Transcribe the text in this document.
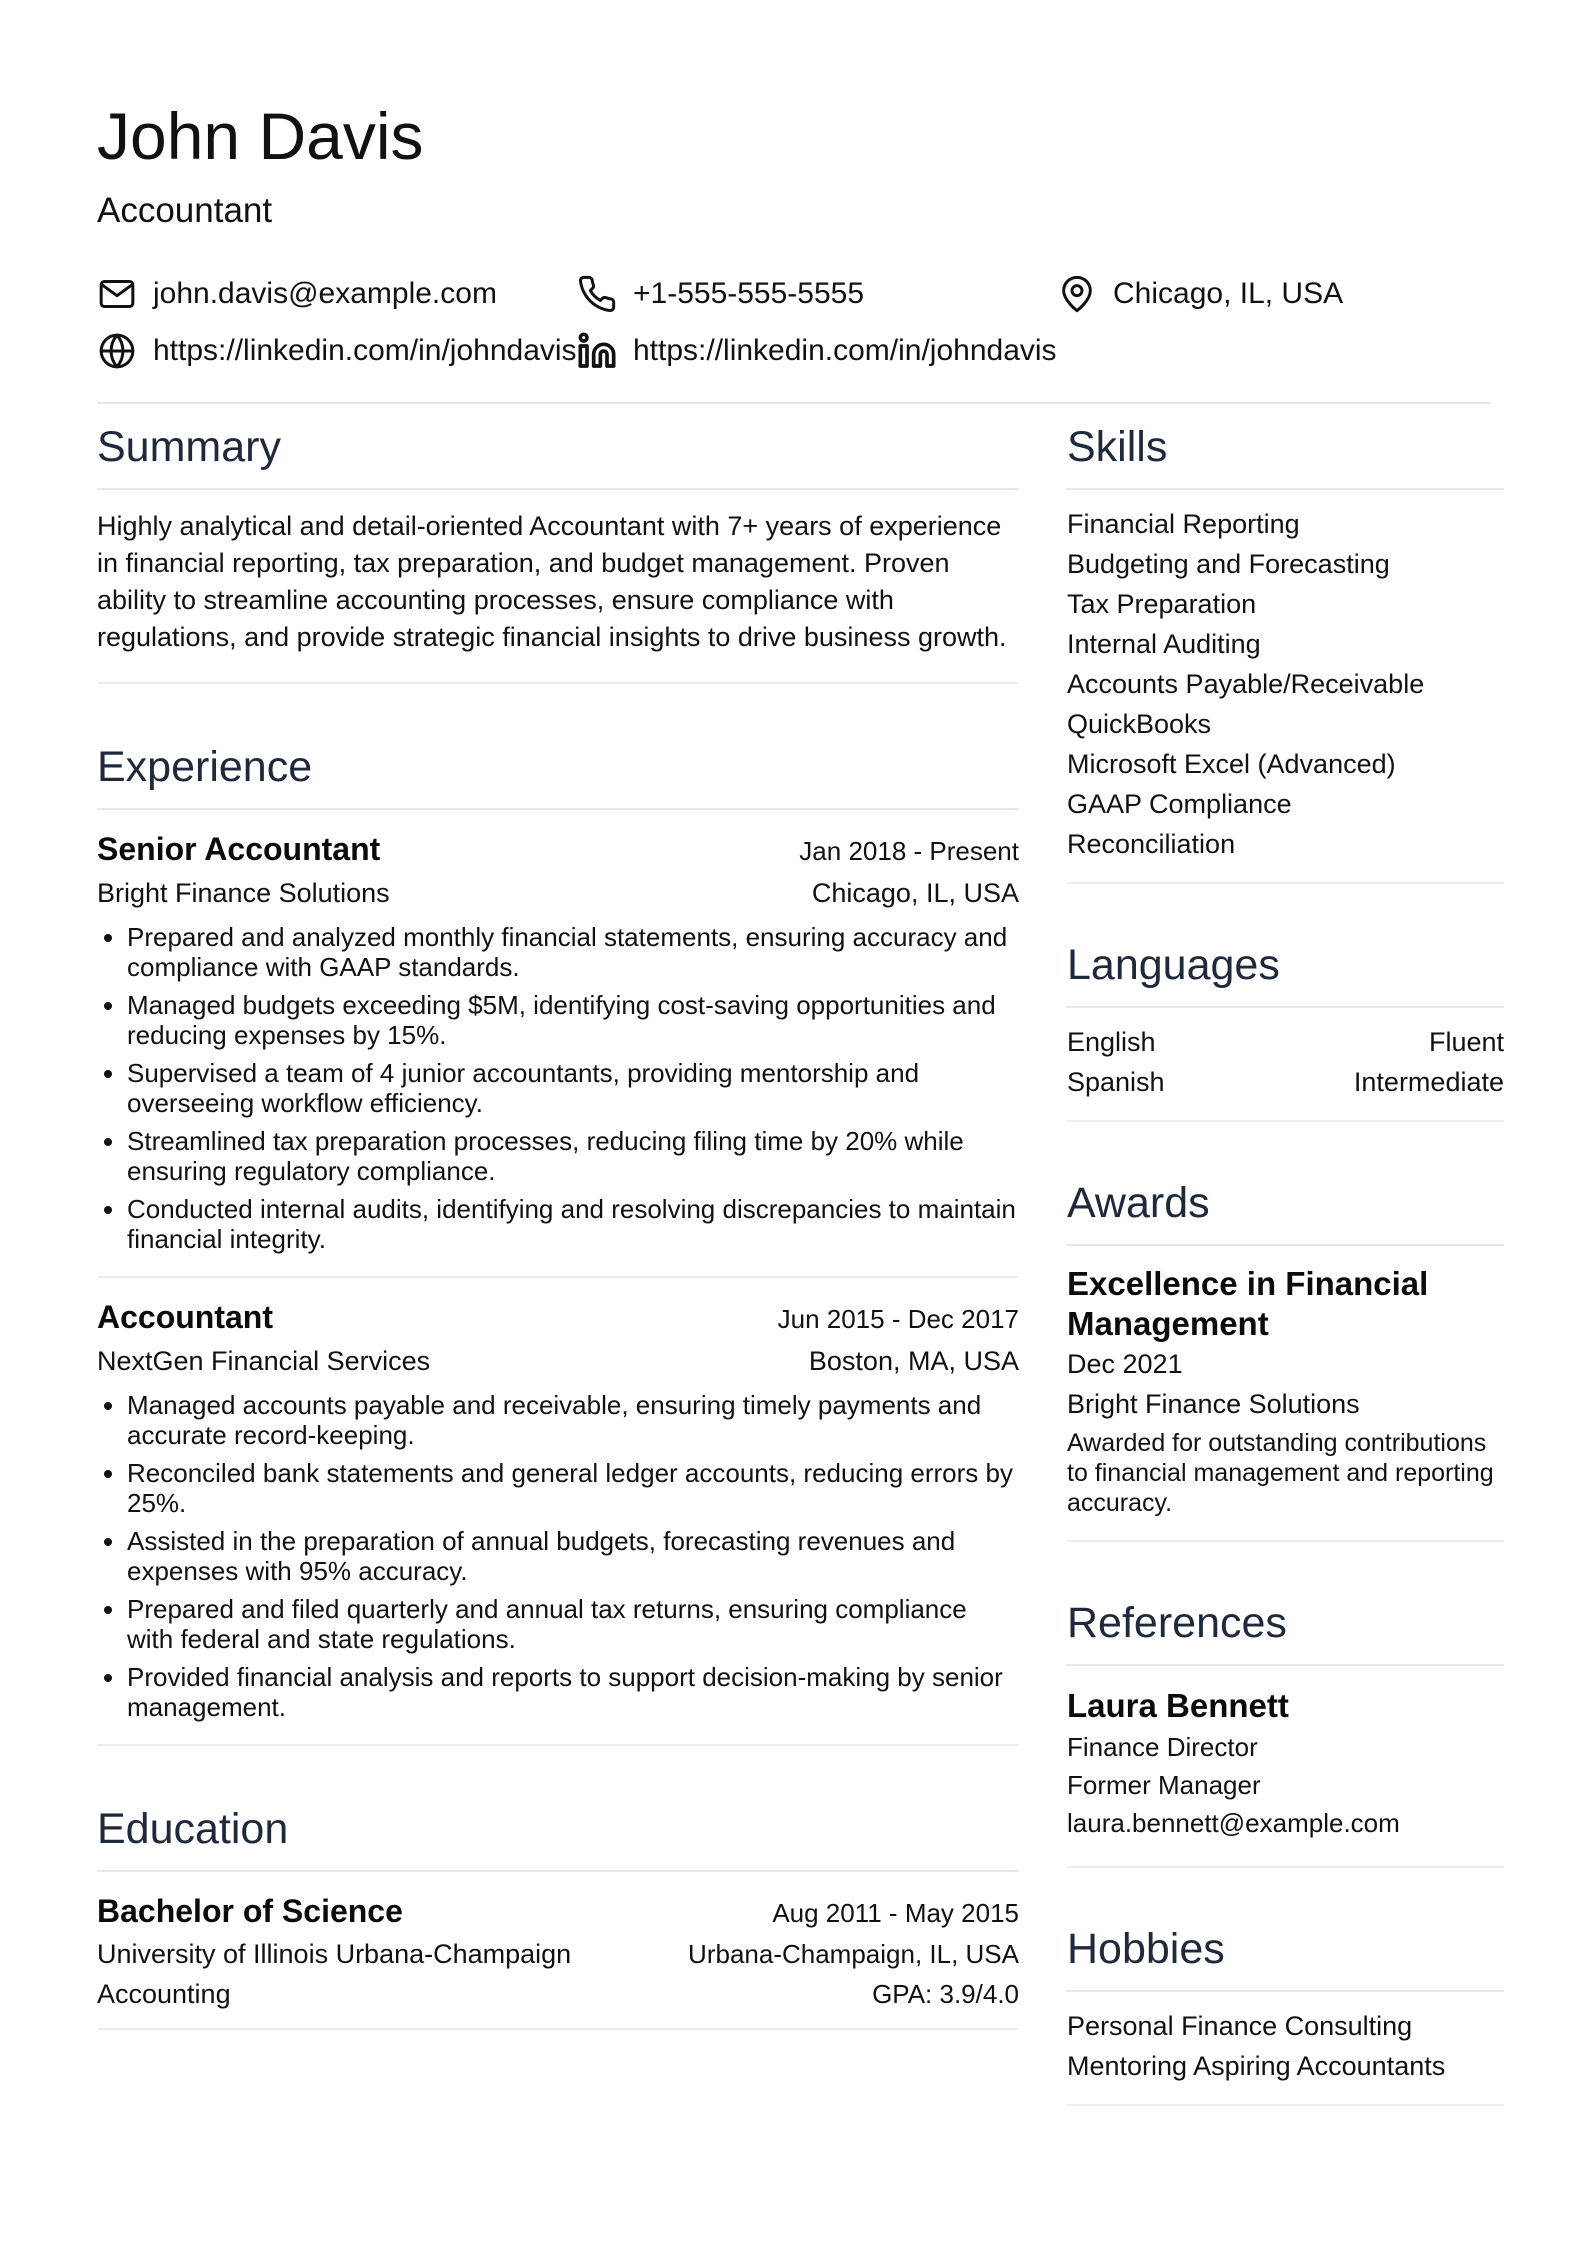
John Davis
Accountant
john.davis@example.com	+1-555-555-5555	Chicago, IL, USA
https://linkedin.com/in/johndavis https://linkedin.com/in/johndavis
Summary

Highly analytical and detail-oriented Accountant with 7+ years of experience in financial reporting, tax preparation, and budget management. Proven ability to streamline accounting processes, ensure compliance with regulations, and provide strategic financial insights to drive business growth.

Experience
Senior Accountant	Jan 2018 - Present
Bright Finance Solutions	Chicago, IL, USA
• Prepared and analyzed monthly financial statements, ensuring accuracy and compliance with GAAP standards.
• Managed budgets exceeding $5M, identifying cost-saving opportunities and reducing expenses by 15%.
• Supervised a team of 4 junior accountants, providing mentorship and overseeing workflow efficiency.
• Streamlined tax preparation processes, reducing filing time by 20% while ensuring regulatory compliance.
• Conducted internal audits, identifying and resolving discrepancies to maintain financial integrity.
Accountant	Jun 2015 - Dec 2017
NextGen Financial Services	Boston, MA, USA
• Managed accounts payable and receivable, ensuring timely payments and accurate record-keeping.
• Reconciled bank statements and general ledger accounts, reducing errors by 25%.
• Assisted in the preparation of annual budgets, forecasting revenues and expenses with 95% accuracy.
• Prepared and filed quarterly and annual tax returns, ensuring compliance with federal and state regulations.
• Provided financial analysis and reports to support decision-making by senior management.
Education
Bachelor of Science	Aug 2011 - May 2015
University of Illinois Urbana-Champaign	Urbana-Champaign, IL, USA
Accounting	GPA: 3.9/4.0
Skills
Financial Reporting
Budgeting and Forecasting
Tax Preparation
Internal Auditing
Accounts Payable/Receivable
QuickBooks
Microsoft Excel (Advanced)
GAAP Compliance
Reconciliation
Languages
English	Fluent
Spanish	Intermediate
Awards
Excellence in Financial Management
Dec 2021
Bright Finance Solutions
Awarded for outstanding contributions to financial management and reporting accuracy.
References
Laura Bennett
Finance Director
Former Manager
laura.bennett@example.com
Hobbies
Personal Finance Consulting
Mentoring Aspiring Accountants
